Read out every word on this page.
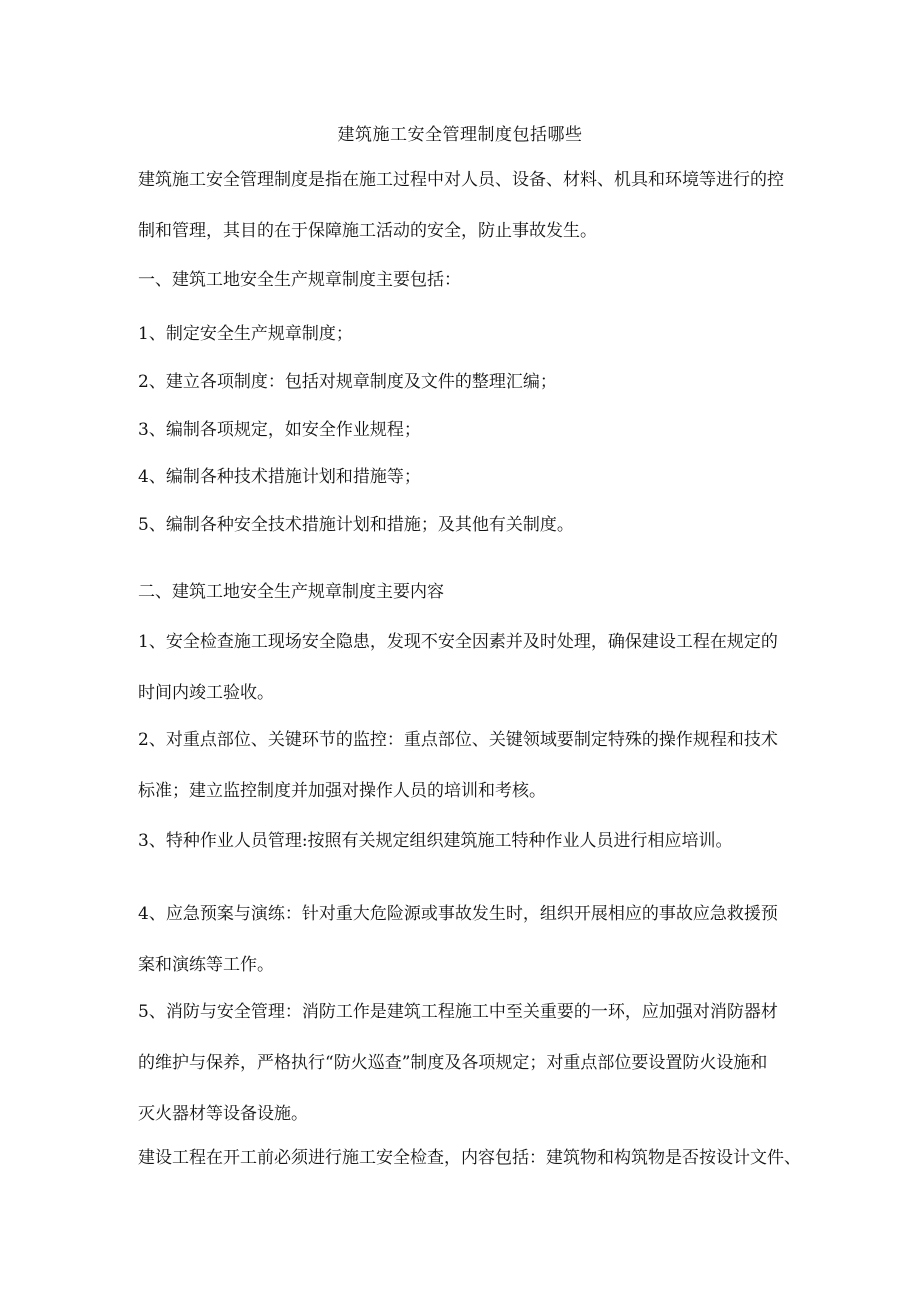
建筑施工安全管理制度包括哪些

建筑施工安全管理制度是指在施工过程中对人员、设备、材料、机具和环境等进行的控
制和管理，其目的在于保障施工活动的安全，防止事故发生。

一、建筑工地安全生产规章制度主要包括：

1、制定安全生产规章制度；

2、建立各项制度：包括对规章制度及文件的整理汇编；

3、编制各项规定，如安全作业规程；

4、编制各种技术措施计划和措施等；

5、编制各种安全技术措施计划和措施；及其他有关制度。

二、建筑工地安全生产规章制度主要内容

1、安全检查施工现场安全隐患，发现不安全因素并及时处理，确保建设工程在规定的
时间内竣工验收。

2、对重点部位、关键环节的监控：重点部位、关键领域要制定特殊的操作规程和技术
标准；建立监控制度并加强对操作人员的培训和考核。

3、特种作业人员管理:按照有关规定组织建筑施工特种作业人员进行相应培训。

4、应急预案与演练：针对重大危险源或事故发生时，组织开展相应的事故应急救援预
案和演练等工作。

5、消防与安全管理：消防工作是建筑工程施工中至关重要的一环，应加强对消防器材
的维护与保养，严格执行“防火巡查”制度及各项规定；对重点部位要设置防火设施和
灭火器材等设备设施。

建设工程在开工前必须进行施工安全检查，内容包括：建筑物和构筑物是否按设计文件、
